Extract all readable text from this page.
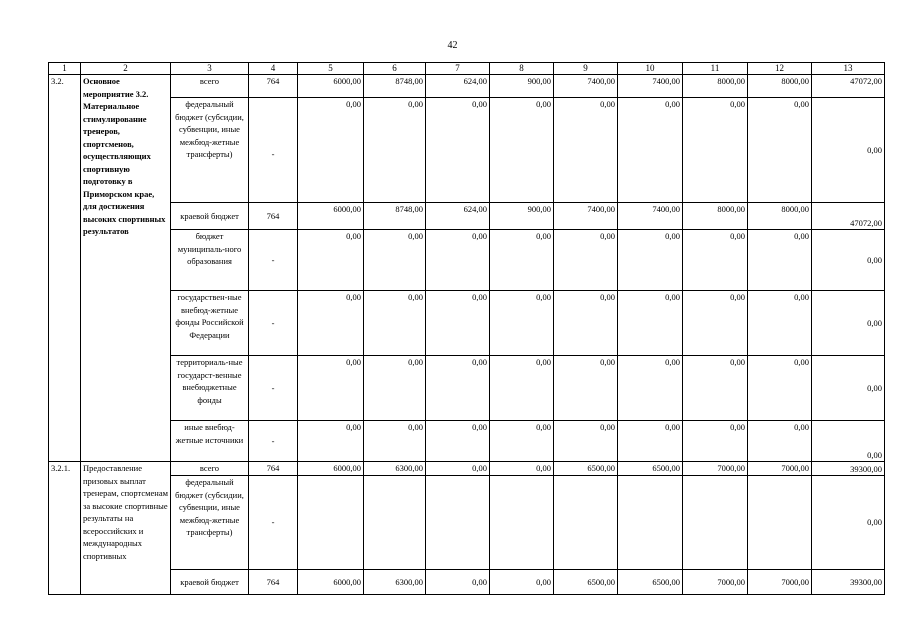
42
1	2	3	4	5	6	7	8	9	10	11	12	13
3.2.	Основное мероприятие 3.2. Материальное стимулирование тренеров, спортсменов, осуществляющих спортивную подготовку в Приморском крае, для достижения высоких спортивных результатов	всего	764	6000,00	8748,00	624,00	900,00	7400,00	7400,00	8000,00	8000,00	47072,00
		федеральный бюджет (субсидии, субвенции, иные межбюд-жетные трансферты)	-	0,00	0,00	0,00	0,00	0,00	0,00	0,00	0,00	0,00
		краевой бюджет	764	6000,00	8748,00	624,00	900,00	7400,00	7400,00	8000,00	8000,00	47072,00
		бюджет муниципаль-ного образования	-	0,00	0,00	0,00	0,00	0,00	0,00	0,00	0,00	0,00
		государствен-ные внебюд-жетные фонды Российской Федерации	-	0,00	0,00	0,00	0,00	0,00	0,00	0,00	0,00	0,00
		территориаль-ные государст-венные внебюджетные фонды	-	0,00	0,00	0,00	0,00	0,00	0,00	0,00	0,00	0,00
		иные внебюд-жетные источники	-	0,00	0,00	0,00	0,00	0,00	0,00	0,00	0,00	0,00
3.2.1.	Предоставление призовых выплат тренерам, спортсменам за высокие спортивные результаты на всероссийских и международных спортивных	всего	764	6000,00	6300,00	0,00	0,00	6500,00	6500,00	7000,00	7000,00	39300,00
		федеральный бюджет (субсидии, субвенции, иные межбюд-жетные трансферты)	-									0,00
		краевой бюджет	764	6000,00	6300,00	0,00	0,00	6500,00	6500,00	7000,00	7000,00	39300,00
